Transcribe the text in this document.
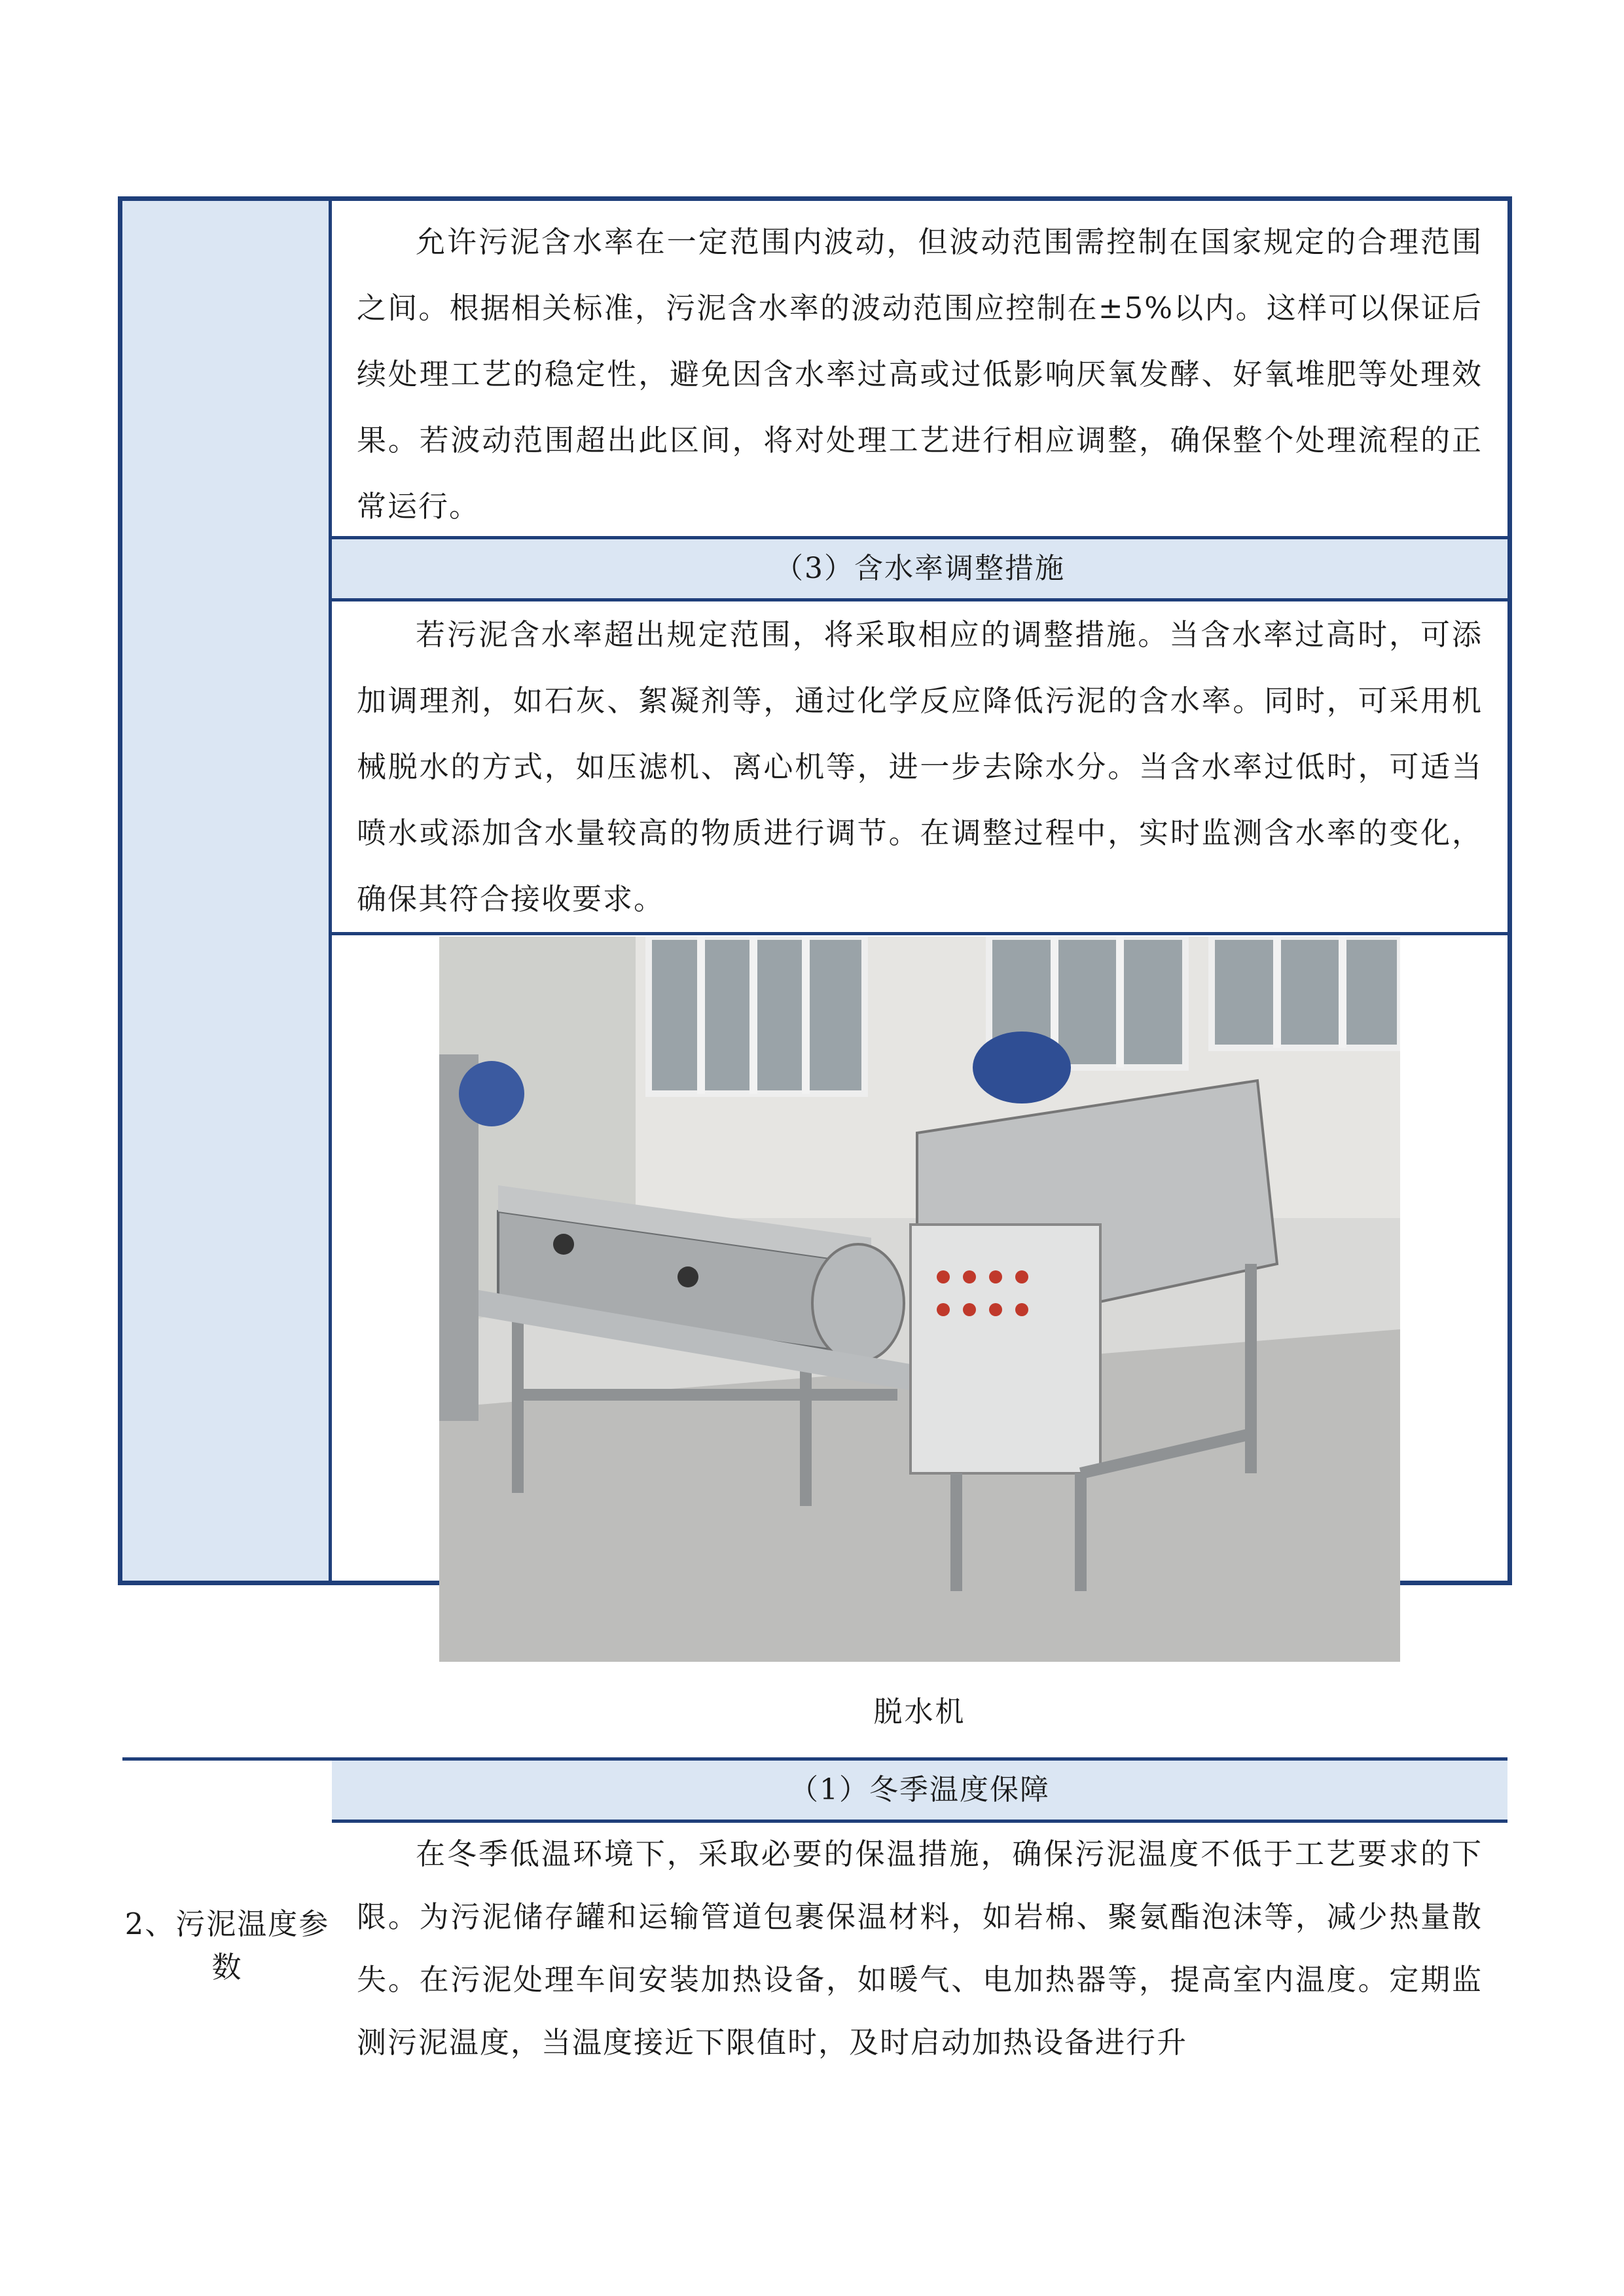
允许污泥含水率在一定范围内波动，但波动范围需控制在国家规定的合理范围之间。根据相关标准，污泥含水率的波动范围应控制在±5%以内。这样可以保证后续处理工艺的稳定性，避免因含水率过高或过低影响厌氧发酵、好氧堆肥等处理效果。若波动范围超出此区间，将对处理工艺进行相应调整，确保整个处理流程的正常运行。

（3）含水率调整措施

若污泥含水率超出规定范围，将采取相应的调整措施。当含水率过高时，可添加调理剂，如石灰、絮凝剂等，通过化学反应降低污泥的含水率。同时，可采用机械脱水的方式，如压滤机、离心机等，进一步去除水分。当含水率过低时，可适当喷水或添加含水量较高的物质进行调节。在调整过程中，实时监测含水率的变化，确保其符合接收要求。

脱水机
（1）冬季温度保障

在冬季低温环境下，采取必要的保温措施，确保污泥温度不低于工艺要求的下限。为污泥储存罐和运输管道包裹保温材料，如岩棉、聚氨酯泡沫等，减少热量散失。在污泥处理车间安装加热设备，如暖气、电加热器等，提高室内温度。定期监测污泥温度，当温度接近下限值时，及时启动加热设备进行升

2、污泥温度参数
